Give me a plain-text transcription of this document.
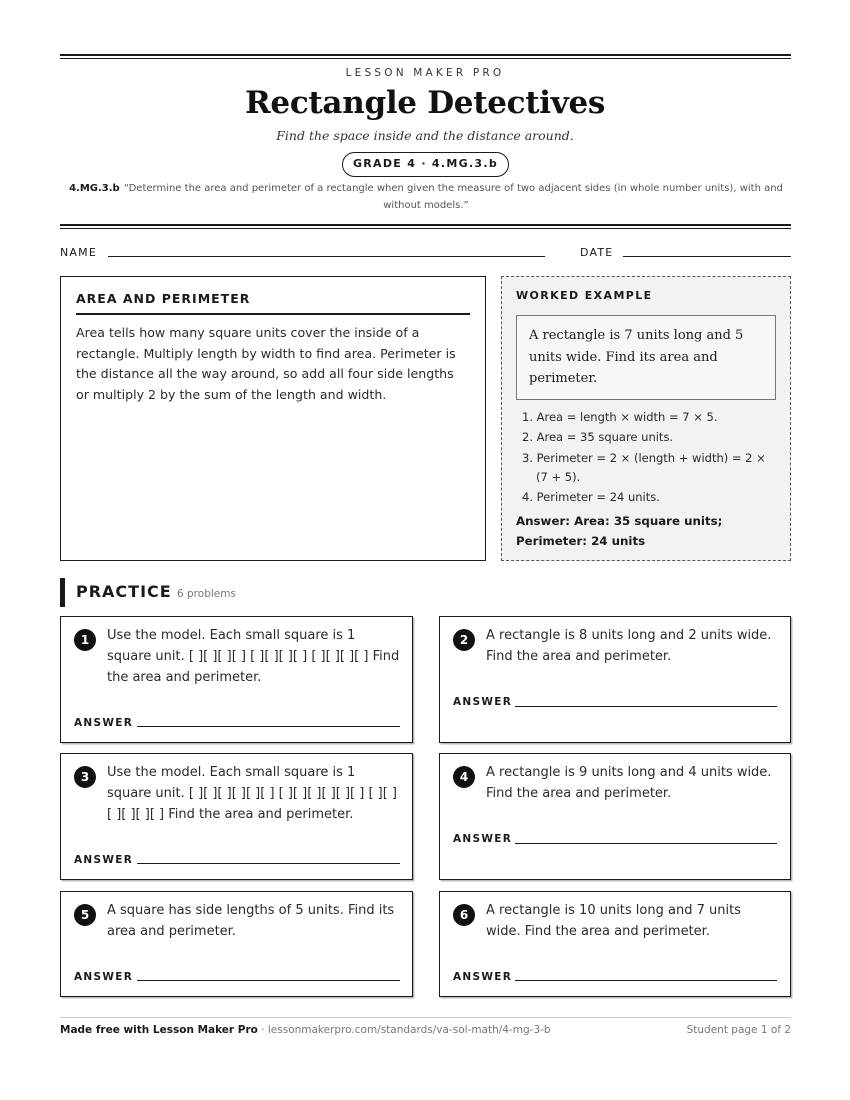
LESSON MAKER PRO
Rectangle Detectives
Find the space inside and the distance around.
GRADE 4 · 4.MG.3.b
4.MG.3.b “Determine the area and perimeter of a rectangle when given the measure of two adjacent sides (in whole number units), with and without models.”
NAME	DATE
AREA AND PERIMETER
Area tells how many square units cover the inside of a rectangle. Multiply length by width to find area. Perimeter is the distance all the way around, so add all four side lengths or multiply 2 by the sum of the length and width.
WORKED EXAMPLE
A rectangle is 7 units long and 5 units wide. Find its area and perimeter.
1. Area = length × width = 7 × 5.
2. Area = 35 square units.
3. Perimeter = 2 × (length + width) = 2 × (7 + 5).
4. Perimeter = 24 units.
Answer: Area: 35 square units; Perimeter: 24 units
PRACTICE 6 problems
1	Use the model. Each small square is 1 square unit. [ ][ ][ ][ ] [ ][ ][ ][ ] [ ][ ][ ][ ] Find the area and perimeter.
ANSWER
2	A rectangle is 8 units long and 2 units wide. Find the area and perimeter.
ANSWER
3	Use the model. Each small square is 1 square unit. [ ][ ][ ][ ][ ][ ] [ ][ ][ ][ ][ ][ ] [ ][ ][ ][ ][ ][ ] Find the area and perimeter.
ANSWER
4	A rectangle is 9 units long and 4 units wide. Find the area and perimeter.
ANSWER
5	A square has side lengths of 5 units. Find its area and perimeter.
ANSWER
6	A rectangle is 10 units long and 7 units wide. Find the area and perimeter.
ANSWER
Made free with Lesson Maker Pro · lessonmakerpro.com/standards/va-sol-math/4-mg-3-b	Student page 1 of 2
